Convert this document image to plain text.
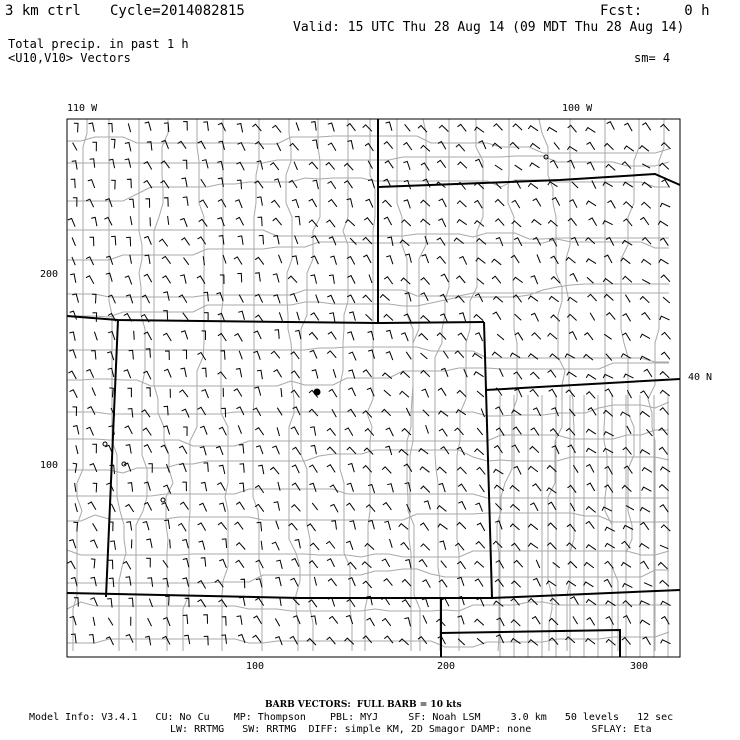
3 km ctrl Cycle=2014082815	Fcst:     0 h
Valid: 15 UTC Thu 28 Aug 14 (09 MDT Thu 28 Aug 14)
Total precip. in past 1 h
<U10,V10> Vectors	sm= 4
110 W	100 W
40 N
100	200	300
200
100
BARB VECTORS:  FULL BARB = 10 kts
Model Info: V3.4.1   CU: No Cu    MP: Thompson    PBL: MYJ     SF: Noah LSM     3.0 km   50 levels   12 sec
LW: RRTMG   SW: RRTMG  DIFF: simple KM, 2D Smagor DAMP: none          SFLAY: Eta
